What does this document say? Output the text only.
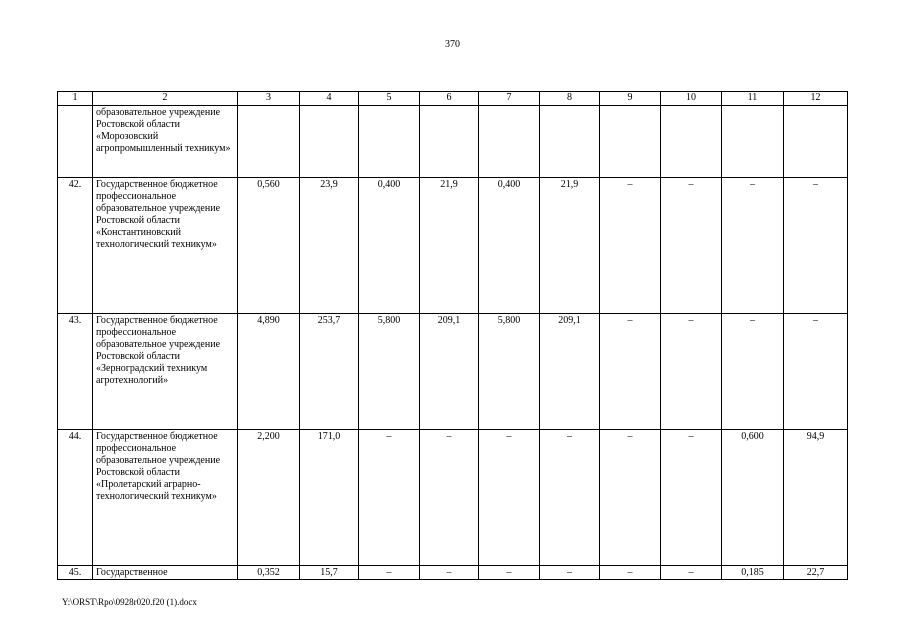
370
1	2	3	4	5	6	7	8	9	10	11	12
	образовательное учреждение Ростовской области «Морозовский агропромышленный техникум»										
42.	Государственное бюджетное профессиональное образовательное учреждение Ростовской области «Константиновский технологический техникум»	0,560	23,9	0,400	21,9	0,400	21,9	–	–	–	–
43.	Государственное бюджетное профессиональное образовательное учреждение Ростовской области «Зерноградский техникум агротехнологий»	4,890	253,7	5,800	209,1	5,800	209,1	–	–	–	–
44.	Государственное бюджетное профессиональное образовательное учреждение Ростовской области «Пролетарский аграрно-технологический техникум»	2,200	171,0	–	–	–	–	–	–	0,600	94,9
45.	Государственное	0,352	15,7	–	–	–	–	–	–	0,185	22,7
Y:\ORST\Rpo\0928r020.f20 (1).docx
